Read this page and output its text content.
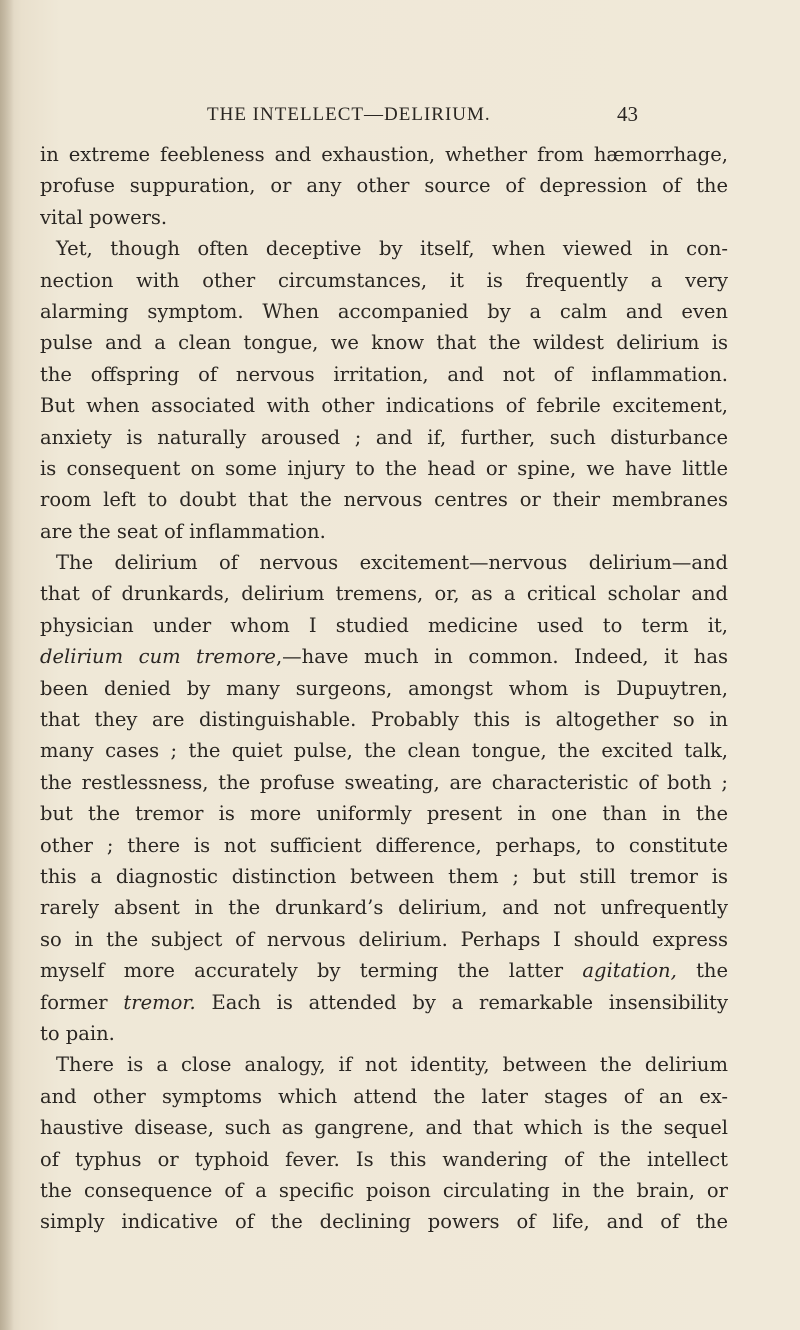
THE INTELLECT—DELIRIUM.	43
in extreme feebleness and exhaustion, whether from hæmorrhage,
profuse suppuration, or any other source of depression of the
vital powers.
Yet, though often deceptive by itself, when viewed in con-
nection with other circumstances, it is frequently a very
alarming symptom. When accompanied by a calm and even
pulse and a clean tongue, we know that the wildest delirium is
the offspring of nervous irritation, and not of inflammation.
But when associated with other indications of febrile excitement,
anxiety is naturally aroused ; and if, further, such disturbance
is consequent on some injury to the head or spine, we have little
room left to doubt that the nervous centres or their membranes
are the seat of inflammation.
The delirium of nervous excitement—nervous delirium—and
that of drunkards, delirium tremens, or, as a critical scholar and
physician under whom I studied medicine used to term it,
delirium cum tremore,—have much in common. Indeed, it has
been denied by many surgeons, amongst whom is Dupuytren,
that they are distinguishable. Probably this is altogether so in
many cases ; the quiet pulse, the clean tongue, the excited talk,
the restlessness, the profuse sweating, are characteristic of both ;
but the tremor is more uniformly present in one than in the
other ; there is not sufficient difference, perhaps, to constitute
this a diagnostic distinction between them ; but still tremor is
rarely absent in the drunkard’s delirium, and not unfrequently
so in the subject of nervous delirium. Perhaps I should express
myself more accurately by terming the latter agitation, the
former tremor. Each is attended by a remarkable insensibility
to pain.
There is a close analogy, if not identity, between the delirium
and other symptoms which attend the later stages of an ex-
haustive disease, such as gangrene, and that which is the sequel
of typhus or typhoid fever. Is this wandering of the intellect
the consequence of a specific poison circulating in the brain, or
simply indicative of the declining powers of life, and of the
